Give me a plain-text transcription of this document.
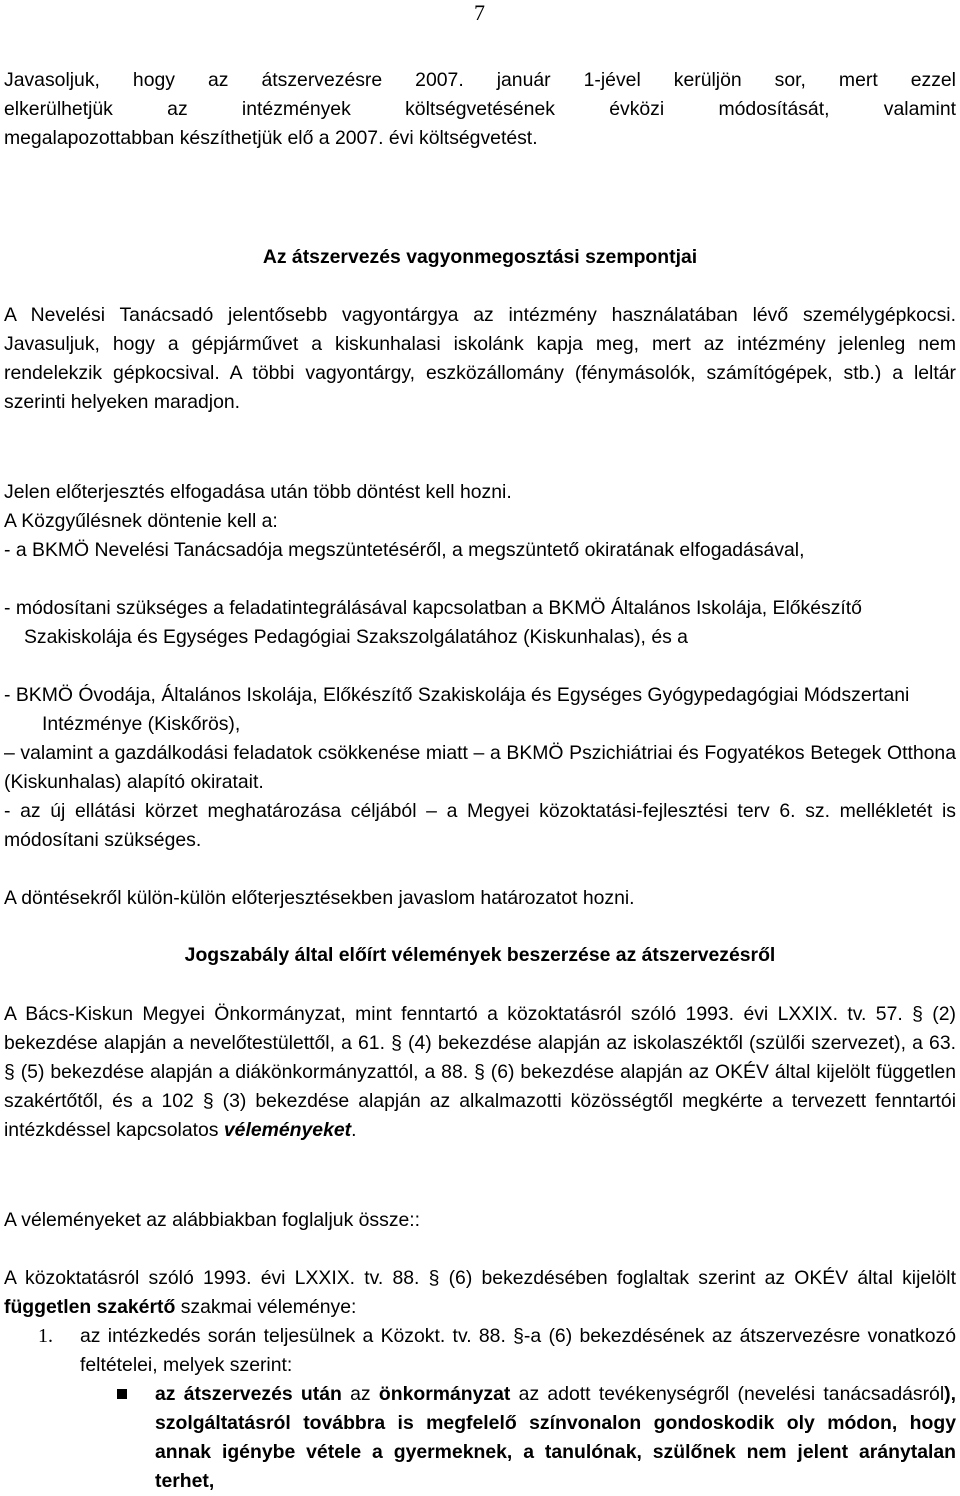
7
Javasoljuk, hogy az átszervezésre 2007. január 1-jével kerüljön sor, mert ezzel
elkerülhetjük az intézmények költségvetésének évközi módosítását, valamint
megalapozottabban készíthetjük elő a 2007. évi költségvetést.
Az átszervezés vagyonmegosztási szempontjai
A Nevelési Tanácsadó jelentősebb vagyontárgya az intézmény használatában lévő személygépkocsi. Javasuljuk, hogy a gépjárművet a kiskunhalasi iskolánk kapja meg, mert az intézmény jelenleg nem rendelekzik gépkocsival. A többi vagyontárgy, eszközállomány (fénymásolók, számítógépek, stb.) a leltár szerinti helyeken maradjon.
Jelen előterjesztés elfogadása után több döntést kell hozni.
A Közgyűlésnek döntenie kell a:
- a BKMÖ Nevelési Tanácsadója megszüntetéséről, a megszüntető okiratának elfogadásával,
- módosítani szükséges a feladatintegrálásával kapcsolatban a BKMÖ Általános Iskolája, Előkészítő Szakiskolája és Egységes Pedagógiai Szakszolgálatához (Kiskunhalas), és a
- BKMÖ Óvodája, Általános Iskolája, Előkészítő Szakiskolája és Egységes Gyógypedagógiai Módszertani Intézménye (Kiskőrös),
– valamint a gazdálkodási feladatok csökkenése miatt – a BKMÖ Pszichiátriai és Fogyatékos Betegek Otthona (Kiskunhalas) alapító okiratait.
- az új ellátási körzet meghatározása céljából – a Megyei közoktatási-fejlesztési terv 6. sz. mellékletét is módosítani szükséges.
A döntésekről külön-külön előterjesztésekben javaslom határozatot hozni.
Jogszabály által előírt vélemények beszerzése az átszervezésről
A Bács-Kiskun Megyei Önkormányzat, mint fenntartó a közoktatásról szóló 1993. évi LXXIX. tv. 57. § (2) bekezdése alapján a nevelőtestülettől, a 61. § (4) bekezdése alapján az iskolaszéktől (szülői szervezet), a 63. § (5) bekezdése alapján a diákönkormányzattól, a 88. § (6) bekezdése alapján az OKÉV által kijelölt független szakértőtől, és a 102 § (3) bekezdése alapján az alkalmazotti közösségtől megkérte a tervezett fenntartói intézkdéssel kapcsolatos véleményeket.
A véleményeket az alábbiakban foglaljuk össze::
A közoktatásról szóló 1993. évi LXXIX. tv. 88. § (6) bekezdésében foglaltak szerint az OKÉV által kijelölt független szakértő szakmai véleménye:
1. az intézkedés során teljesülnek a Közokt. tv. 88. §-a (6) bekezdésének az átszervezésre vonatkozó feltételei, melyek szerint:
az átszervezés után az önkormányzat az adott tevékenységről (nevelési tanácsadásról), szolgáltatásról továbbra is megfelelő színvonalon gondoskodik oly módon, hogy annak igénybe vétele a gyermeknek, a tanulónak, szülőnek nem jelent aránytalan terhet,
